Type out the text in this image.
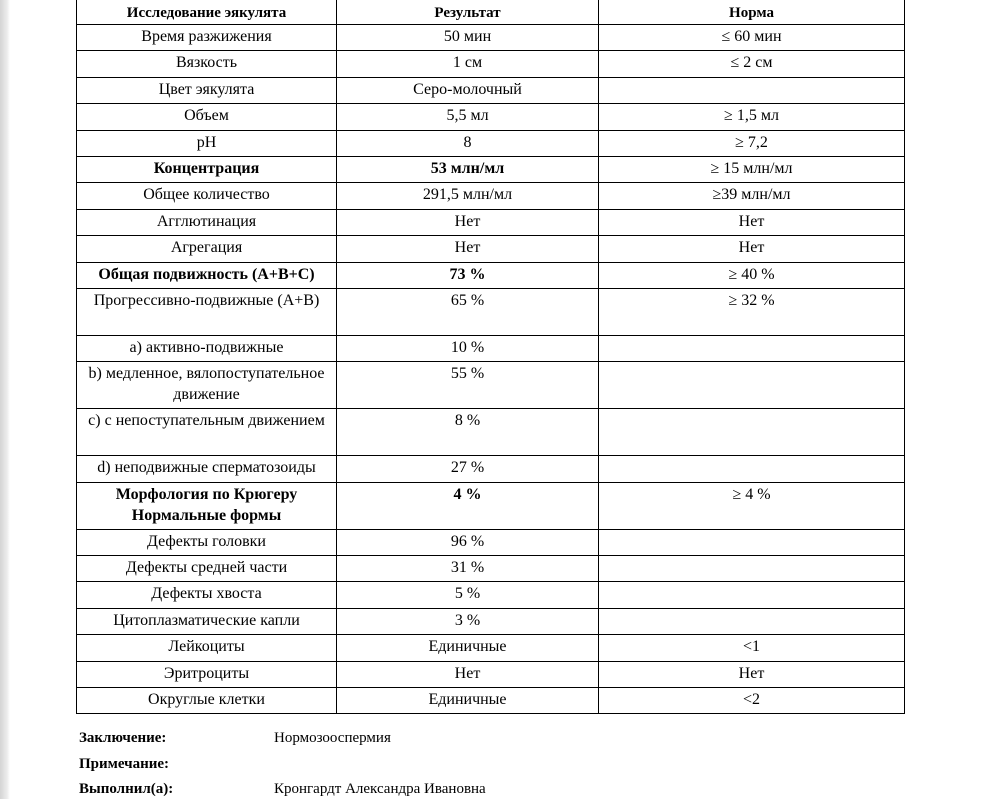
Исследование эякулята	Результат	Норма
Время разжижения	50 мин	≤ 60 мин
Вязкость	1 см	≤ 2 см
Цвет эякулята	Серо-молочный	
Объем	5,5 мл	≥ 1,5 мл
pH	8	≥ 7,2
Концентрация	53 млн/мл	≥ 15 млн/мл
Общее количество	291,5 млн/мл	≥39 млн/мл
Агглютинация	Нет	Нет
Агрегация	Нет	Нет
Общая подвижность (A+B+C)	73 %	≥ 40 %
Прогрессивно-подвижные (A+B)	65 %	≥ 32 %
a) активно-подвижные	10 %	
b) медленное, вялопоступательное движение	55 %	
c) с непоступательным движением	8 %	
d) неподвижные сперматозоиды	27 %	
Морфология по Крюгеру Нормальные формы	4 %	≥ 4 %
Дефекты головки	96 %	
Дефекты средней части	31 %	
Дефекты хвоста	5 %	
Цитоплазматические капли	3 %	
Лейкоциты	Единичные	<1
Эритроциты	Нет	Нет
Округлые клетки	Единичные	<2
Заключение:	Нормозооспермия
Примечание:
Выполнил(а):	Кронгардт Александра Ивановна
